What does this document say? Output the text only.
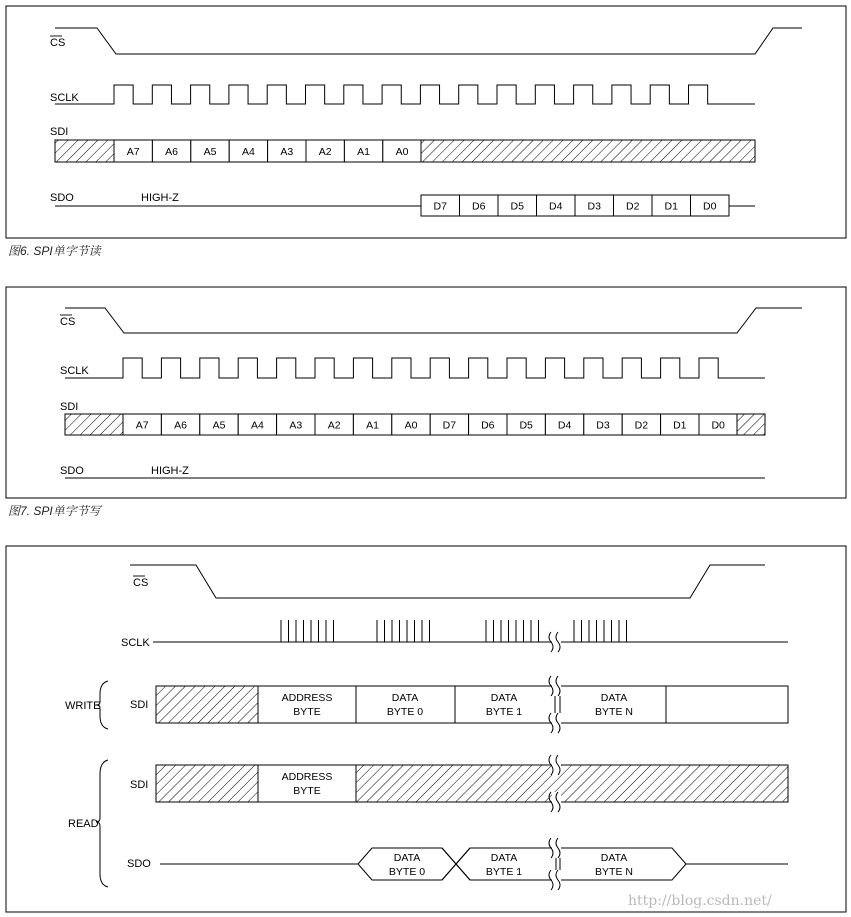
CS
SCLK
SDI
A7 A6 A5 A4 A3 A2 A1 A0
SDO	HIGH-Z
D7 D6 D5 D4 D3 D2 D1 D0
图6. SPI单字节读
CS
SCLK
SDI
A7 A6 A5 A4 A3 A2 A1 A0 D7 D6 D5 D4 D3 D2 D1 D0
SDO	HIGH-Z
图7. SPI单字节写
CS
SCLK
WRITE	SDI
ADDRESS
BYTE
DATA
BYTE 0
DATA
BYTE 1
DATA
BYTE N
READ
SDI
ADDRESS
BYTE
SDO	DATA
BYTE 0
DATA
BYTE 1
DATA
BYTE N
http://blog.csdn.net/
